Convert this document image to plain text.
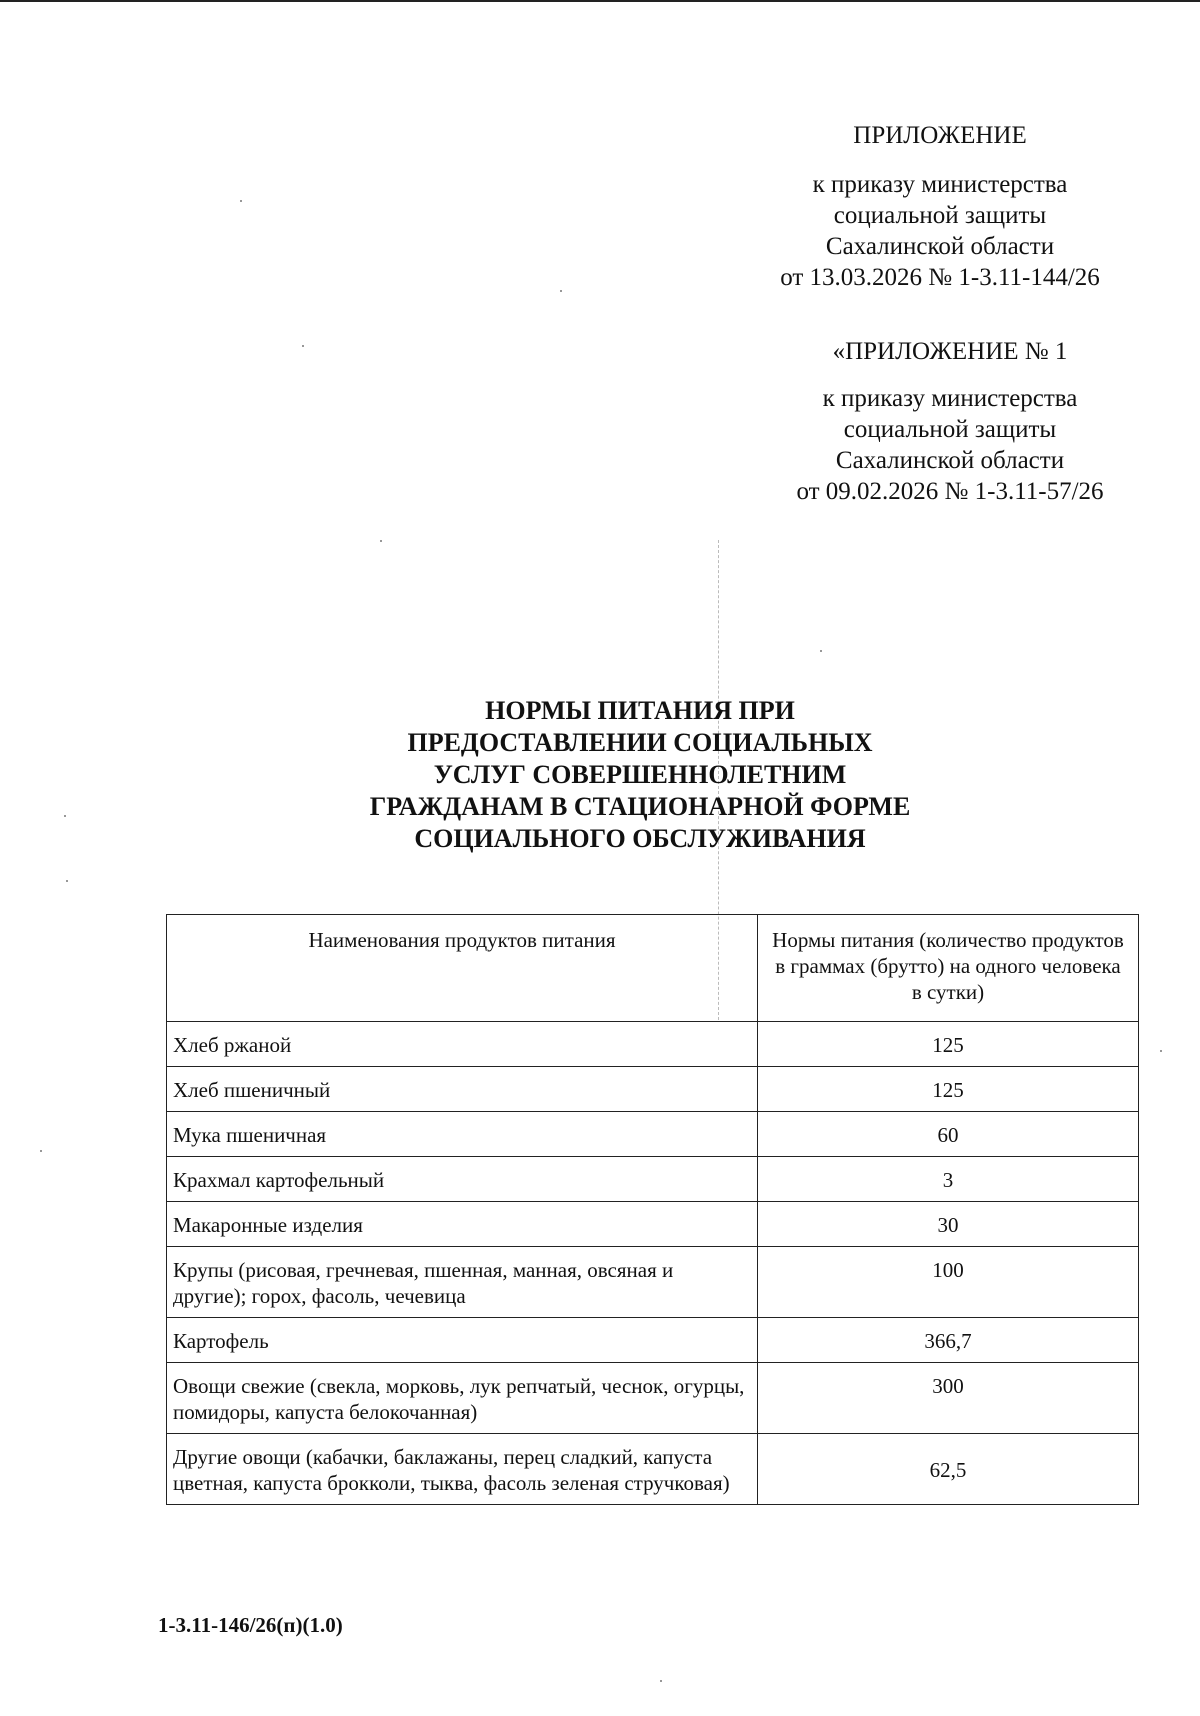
ПРИЛОЖЕНИЕ

к приказу министерства

социальной защиты

Сахалинской области

от 13.03.2026 № 1-3.11-144/26

«ПРИЛОЖЕНИЕ № 1

к приказу министерства

социальной защиты

Сахалинской области

от 09.02.2026 № 1-3.11-57/26

НОРМЫ ПИТАНИЯ ПРИ

ПРЕДОСТАВЛЕНИИ СОЦИАЛЬНЫХ

УСЛУГ СОВЕРШЕННОЛЕТНИМ

ГРАЖДАНАМ В СТАЦИОНАРНОЙ ФОРМЕ

СОЦИАЛЬНОГО ОБСЛУЖИВАНИЯ

Наименования продуктов питания	Нормы питания (количество продуктов в граммах (брутто) на одного человека в сутки)
Хлеб ржаной	125
Хлеб пшеничный	125
Мука пшеничная	60
Крахмал картофельный	3
Макаронные изделия	30
Крупы (рисовая, гречневая, пшенная, манная, овсяная и другие); горох, фасоль, чечевица	100
Картофель	366,7
Овощи свежие (свекла, морковь, лук репчатый, чеснок, огурцы, помидоры, капуста белокочанная)	300
Другие овощи (кабачки, баклажаны, перец сладкий, капуста цветная, капуста брокколи, тыква, фасоль зеленая стручковая)	62,5
1-3.11-146/26(п)(1.0)
